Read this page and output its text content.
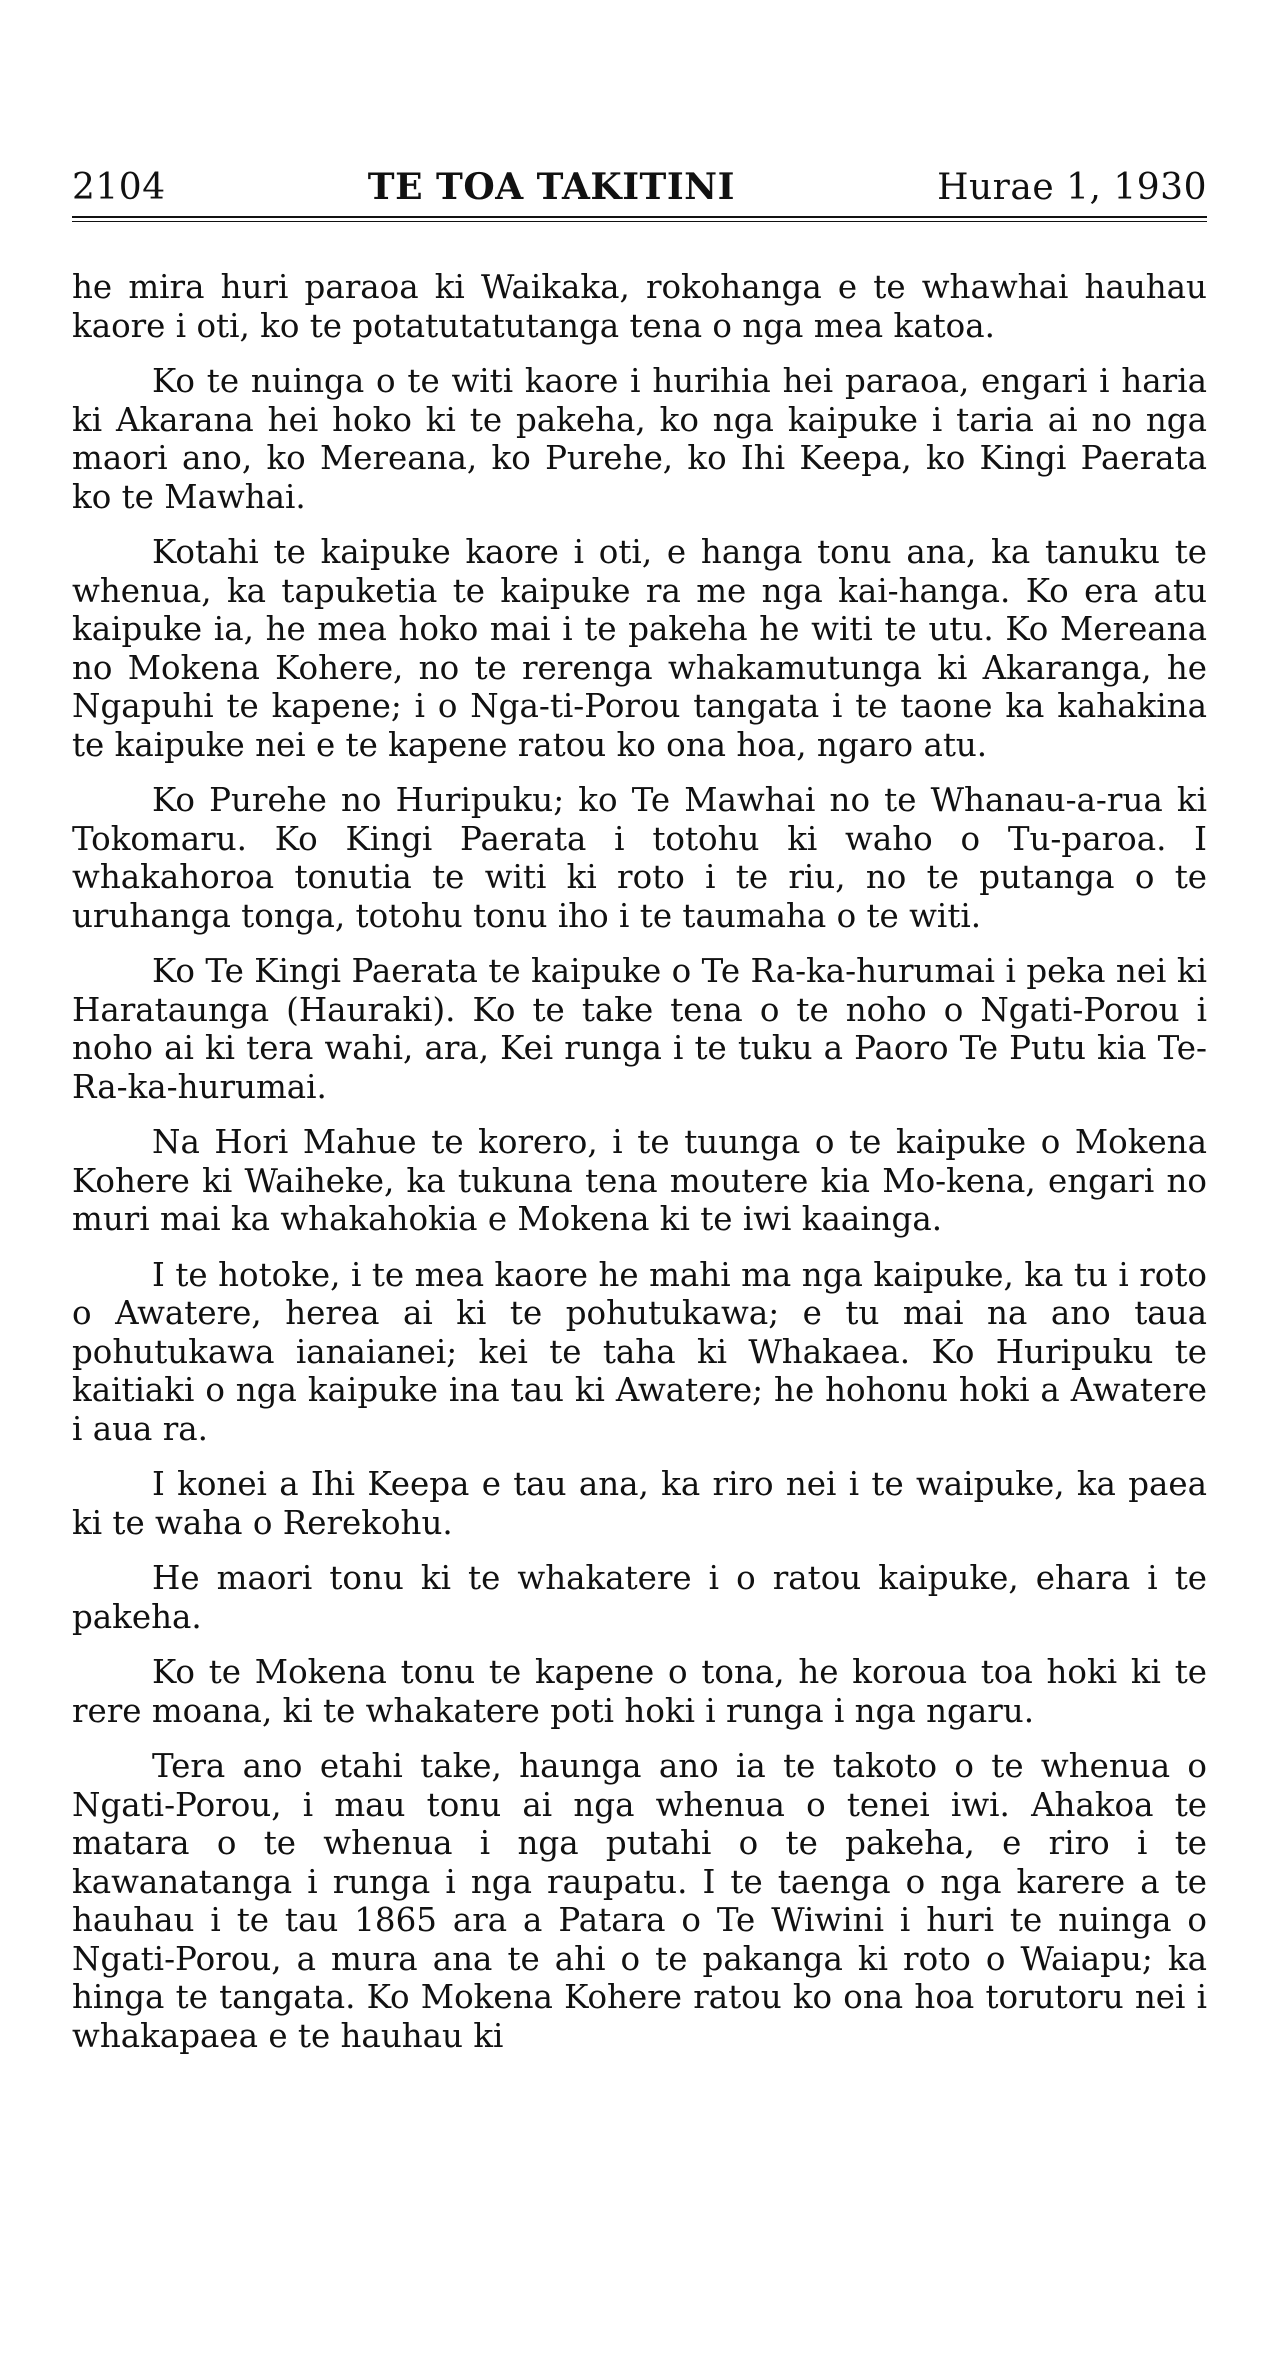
2104	TE TOA TAKITINI	Hurae 1, 1930

he mira huri paraoa ki Waikaka, rokohanga e te whawhai hauhau kaore i oti, ko te potatutatutanga tena o nga mea katoa.

Ko te nuinga o te witi kaore i hurihia hei paraoa, engari i haria ki Akarana hei hoko ki te pakeha, ko nga kaipuke i taria ai no nga maori ano, ko Mereana, ko Purehe, ko Ihi Keepa, ko Kingi Paerata ko te Mawhai.

Kotahi te kaipuke kaore i oti, e hanga tonu ana, ka tanuku te whenua, ka tapuketia te kaipuke ra me nga kai-hanga. Ko era atu kaipuke ia, he mea hoko mai i te pakeha he witi te utu. Ko Mereana no Mokena Kohere, no te rerenga whakamutunga ki Akaranga, he Ngapuhi te kapene; i o Nga-ti-Porou tangata i te taone ka kahakina te kaipuke nei e te kapene ratou ko ona hoa, ngaro atu.

Ko Purehe no Huripuku; ko Te Mawhai no te Whanau-a-rua ki Tokomaru. Ko Kingi Paerata i totohu ki waho o Tu-paroa. I whakahoroa tonutia te witi ki roto i te riu, no te putanga o te uruhanga tonga, totohu tonu iho i te taumaha o te witi.

Ko Te Kingi Paerata te kaipuke o Te Ra-ka-hurumai i peka nei ki Harataunga (Hauraki). Ko te take tena o te noho o Ngati-Porou i noho ai ki tera wahi, ara, Kei runga i te tuku a Paoro Te Putu kia Te-Ra-ka-hurumai.

Na Hori Mahue te korero, i te tuunga o te kaipuke o Mokena Kohere ki Waiheke, ka tukuna tena moutere kia Mo-kena, engari no muri mai ka whakahokia e Mokena ki te iwi kaainga.

I te hotoke, i te mea kaore he mahi ma nga kaipuke, ka tu i roto o Awatere, herea ai ki te pohutukawa; e tu mai na ano taua pohutukawa ianaianei; kei te taha ki Whakaea. Ko Huripuku te kaitiaki o nga kaipuke ina tau ki Awatere; he hohonu hoki a Awatere i aua ra.

I konei a Ihi Keepa e tau ana, ka riro nei i te waipuke, ka paea ki te waha o Rerekohu.

He maori tonu ki te whakatere i o ratou kaipuke, ehara i te pakeha.

Ko te Mokena tonu te kapene o tona, he koroua toa hoki ki te rere moana, ki te whakatere poti hoki i runga i nga ngaru.

Tera ano etahi take, haunga ano ia te takoto o te whenua o Ngati-Porou, i mau tonu ai nga whenua o tenei iwi. Ahakoa te matara o te whenua i nga putahi o te pakeha, e riro i te kawanatanga i runga i nga raupatu. I te taenga o nga karere a te hauhau i te tau 1865 ara a Patara o Te Wiwini i huri te nuinga o Ngati-Porou, a mura ana te ahi o te pakanga ki roto o Waiapu; ka hinga te tangata. Ko Mokena Kohere ratou ko ona hoa torutoru nei i whakapaea e te hauhau ki
